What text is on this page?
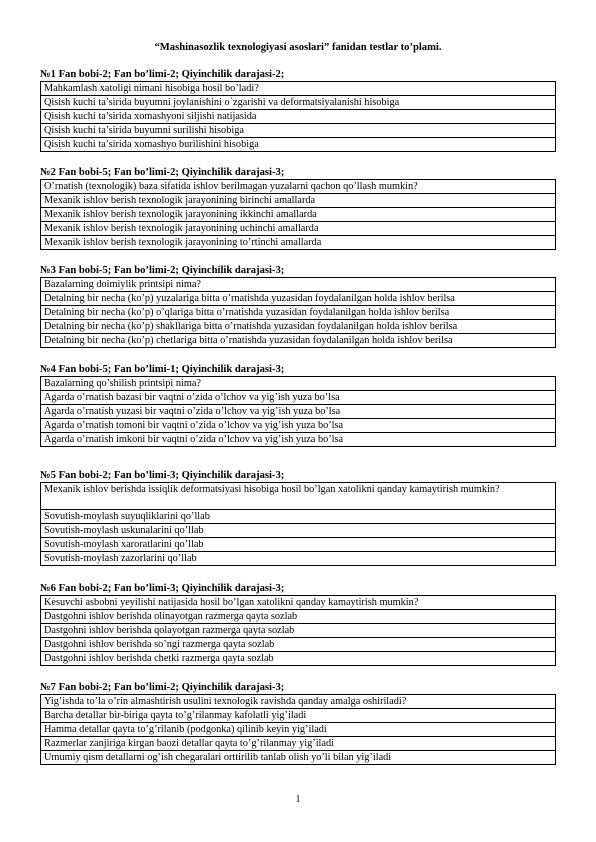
“Mashinasozlik texnologiyasi asoslari” fanidan testlar to’plami.
№1 Fan bobi-2; Fan bo’limi-2; Qiyinchilik darajasi-2;
Mahkamlash xatoligi nimani hisobiga hosil bo’ladi?
Qisish kuchi ta’sirida buyumni joylanishini o`zgarishi va deformatsiyalanishi hisobiga
Qisish kuchi ta’sirida xomashyoni siljishi natijasida
Qisish kuchi ta’sirida buyumni surilishi hisobiga
Qisish kuchi ta’sirida xomashyo burilishini hisobiga
№2 Fan bobi-5; Fan bo’limi-2; Qiyinchilik darajasi-3;
O’rnatish (texnologik) baza sifatida ishlov berilmagan yuzalarni qachon qo’llash mumkin?
Mexanik ishlov berish texnologik jarayonining birinchi amallarda
Mexanik ishlov berish texnologik jarayonining ikkinchi amallarda
Mexanik ishlov berish texnologik jarayonining uchinchi amallarda
Mexanik ishlov berish texnologik jarayonining to’rtinchi amallarda
№3 Fan bobi-5; Fan bo’limi-2; Qiyinchilik darajasi-3;
Bazalarning doimiylik printsipi nima?
Detalning bir necha (ko’p) yuzalariga bitta o’rnatishda yuzasidan foydalanilgan holda ishlov berilsa
Detalning bir necha (ko’p) o’qlariga bitta o’rnatishda yuzasidan foydalanilgan holda ishlov berilsa
Detalning bir necha (ko’p) shakllariga bitta o’rnatishda yuzasidan foydalanilgan holda ishlov berilsa
Detalning bir necha (ko’p) chetlariga bitta o’rnatishda yuzasidan foydalanilgan holda ishlov berilsa
№4 Fan bobi-5; Fan bo’limi-1; Qiyinchilik darajasi-3;
Bazalarning qo’shilish printsipi nima?
Agarda o’rnatish bazasi bir vaqtni o’zida o’lchov va yig’ish yuza bo’lsa
Agarda o’rnatish yuzasi bir vaqtni o’zida o’lchov va yig’ish yuza bo’lsa
Agarda o’rnatish tomoni bir vaqtni o’zida o’lchov va yig’ish yuza bo’lsa
Agarda o’rnatish imkoni bir vaqtni o’zida o’lchov va yig’ish yuza bo’lsa
№5 Fan bobi-2; Fan bo’limi-3; Qiyinchilik darajasi-3;
Mexanik ishlov berishda issiqlik deformatsiyasi hisobiga hosil bo’lgan xatolikni qanday kamaytirish mumkin?
Sovutish-moylash suyuqliklarini qo’llab
Sovutish-moylash uskunalarini qo’llab
Sovutish-moylash xaroratlarini qo’llab
Sovutish-moylash zazorlarini qo’llab
№6 Fan bobi-2; Fan bo’limi-3; Qiyinchilik darajasi-3;
Kesuvchi asbobni yeyilishi natijasida hosil bo’lgan xatolikni qanday kamaytirish mumkin?
Dastgohni ishlov berishda olinayotgan razmerga qayta sozlab
Dastgohni ishlov berishda qolayotgan razmerga qayta sozlab
Dastgohni ishlov berishda so’ngi razmerga qayta sozlab
Dastgohni ishlov berishda chetki razmerga qayta sozlab
№7 Fan bobi-2; Fan bo’limi-2; Qiyinchilik darajasi-3;
Yig’ishda to’la o’rin almashtirish usulini texnologik ravishda qanday amalga oshiriladi?
Barcha detallar bir-biriga qayta to’g’rilanmay kafolatli yig’iladi
Hamma detallar qayta to’g’rilanib (podgonka) qilinib keyin yig’iladi
Razmerlar zanjiriga kirgan baozi detallar qayta to’g’rilanmay yig’iladi
Umumiy qism detallarni og’ish chegaralari orttirilib tanlab olish yo’li bilan yig’iladi
1
